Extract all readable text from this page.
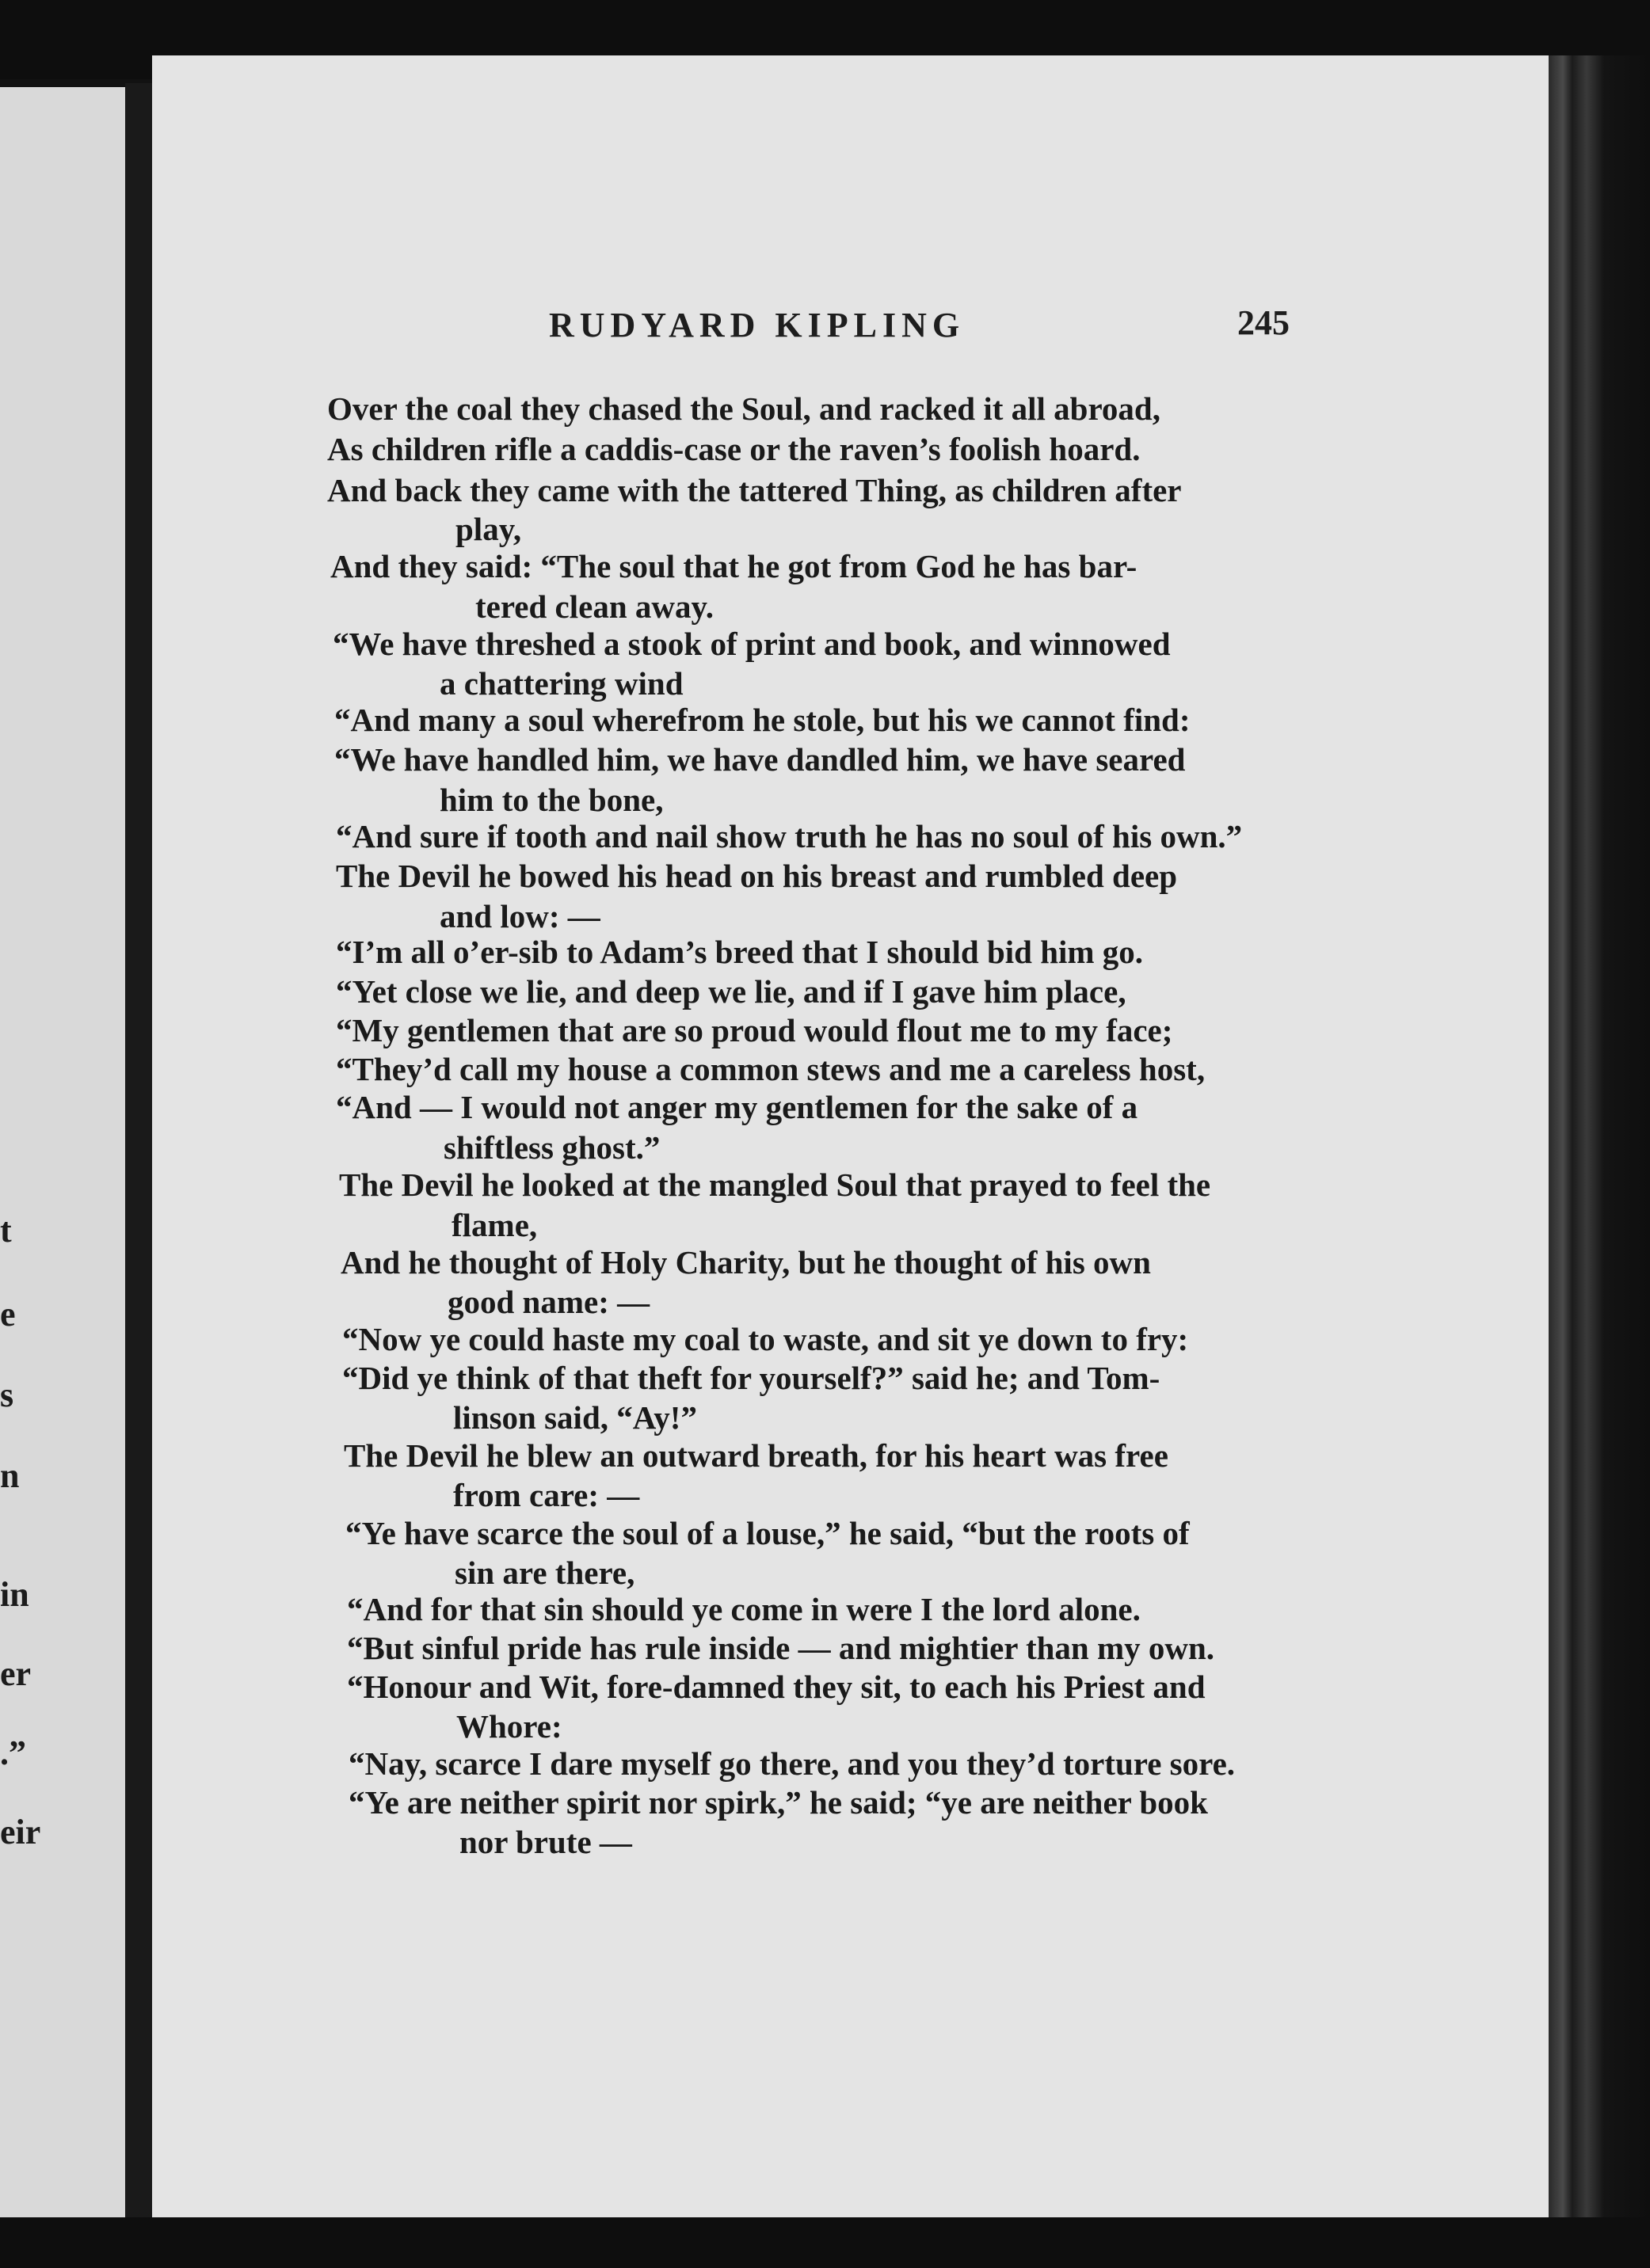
t
e
s
n
in
er
.”
eir
RUDYARD KIPLING	245
Over the coal they chased the Soul, and racked it all abroad,
As children rifle a caddis-case or the raven’s foolish hoard.
And back they came with the tattered Thing, as children after
play,
And they said: “The soul that he got from God he has bar-
tered clean away.
“We have threshed a stook of print and book, and winnowed
a chattering wind
“And many a soul wherefrom he stole, but his we cannot find:
“We have handled him, we have dandled him, we have seared
him to the bone,
“And sure if tooth and nail show truth he has no soul of his own.”
The Devil he bowed his head on his breast and rumbled deep
and low: —
“I’m all o’er-sib to Adam’s breed that I should bid him go.
“Yet close we lie, and deep we lie, and if I gave him place,
“My gentlemen that are so proud would flout me to my face;
“They’d call my house a common stews and me a careless host,
“And — I would not anger my gentlemen for the sake of a
shiftless ghost.”
The Devil he looked at the mangled Soul that prayed to feel the
flame,
And he thought of Holy Charity, but he thought of his own
good name: —
“Now ye could haste my coal to waste, and sit ye down to fry:
“Did ye think of that theft for yourself?” said he; and Tom-
linson said, “Ay!”
The Devil he blew an outward breath, for his heart was free
from care: —
“Ye have scarce the soul of a louse,” he said, “but the roots of
sin are there,
“And for that sin should ye come in were I the lord alone.
“But sinful pride has rule inside — and mightier than my own.
“Honour and Wit, fore-damned they sit, to each his Priest and
Whore:
“Nay, scarce I dare myself go there, and you they’d torture sore.
“Ye are neither spirit nor spirk,” he said; “ye are neither book
nor brute —
